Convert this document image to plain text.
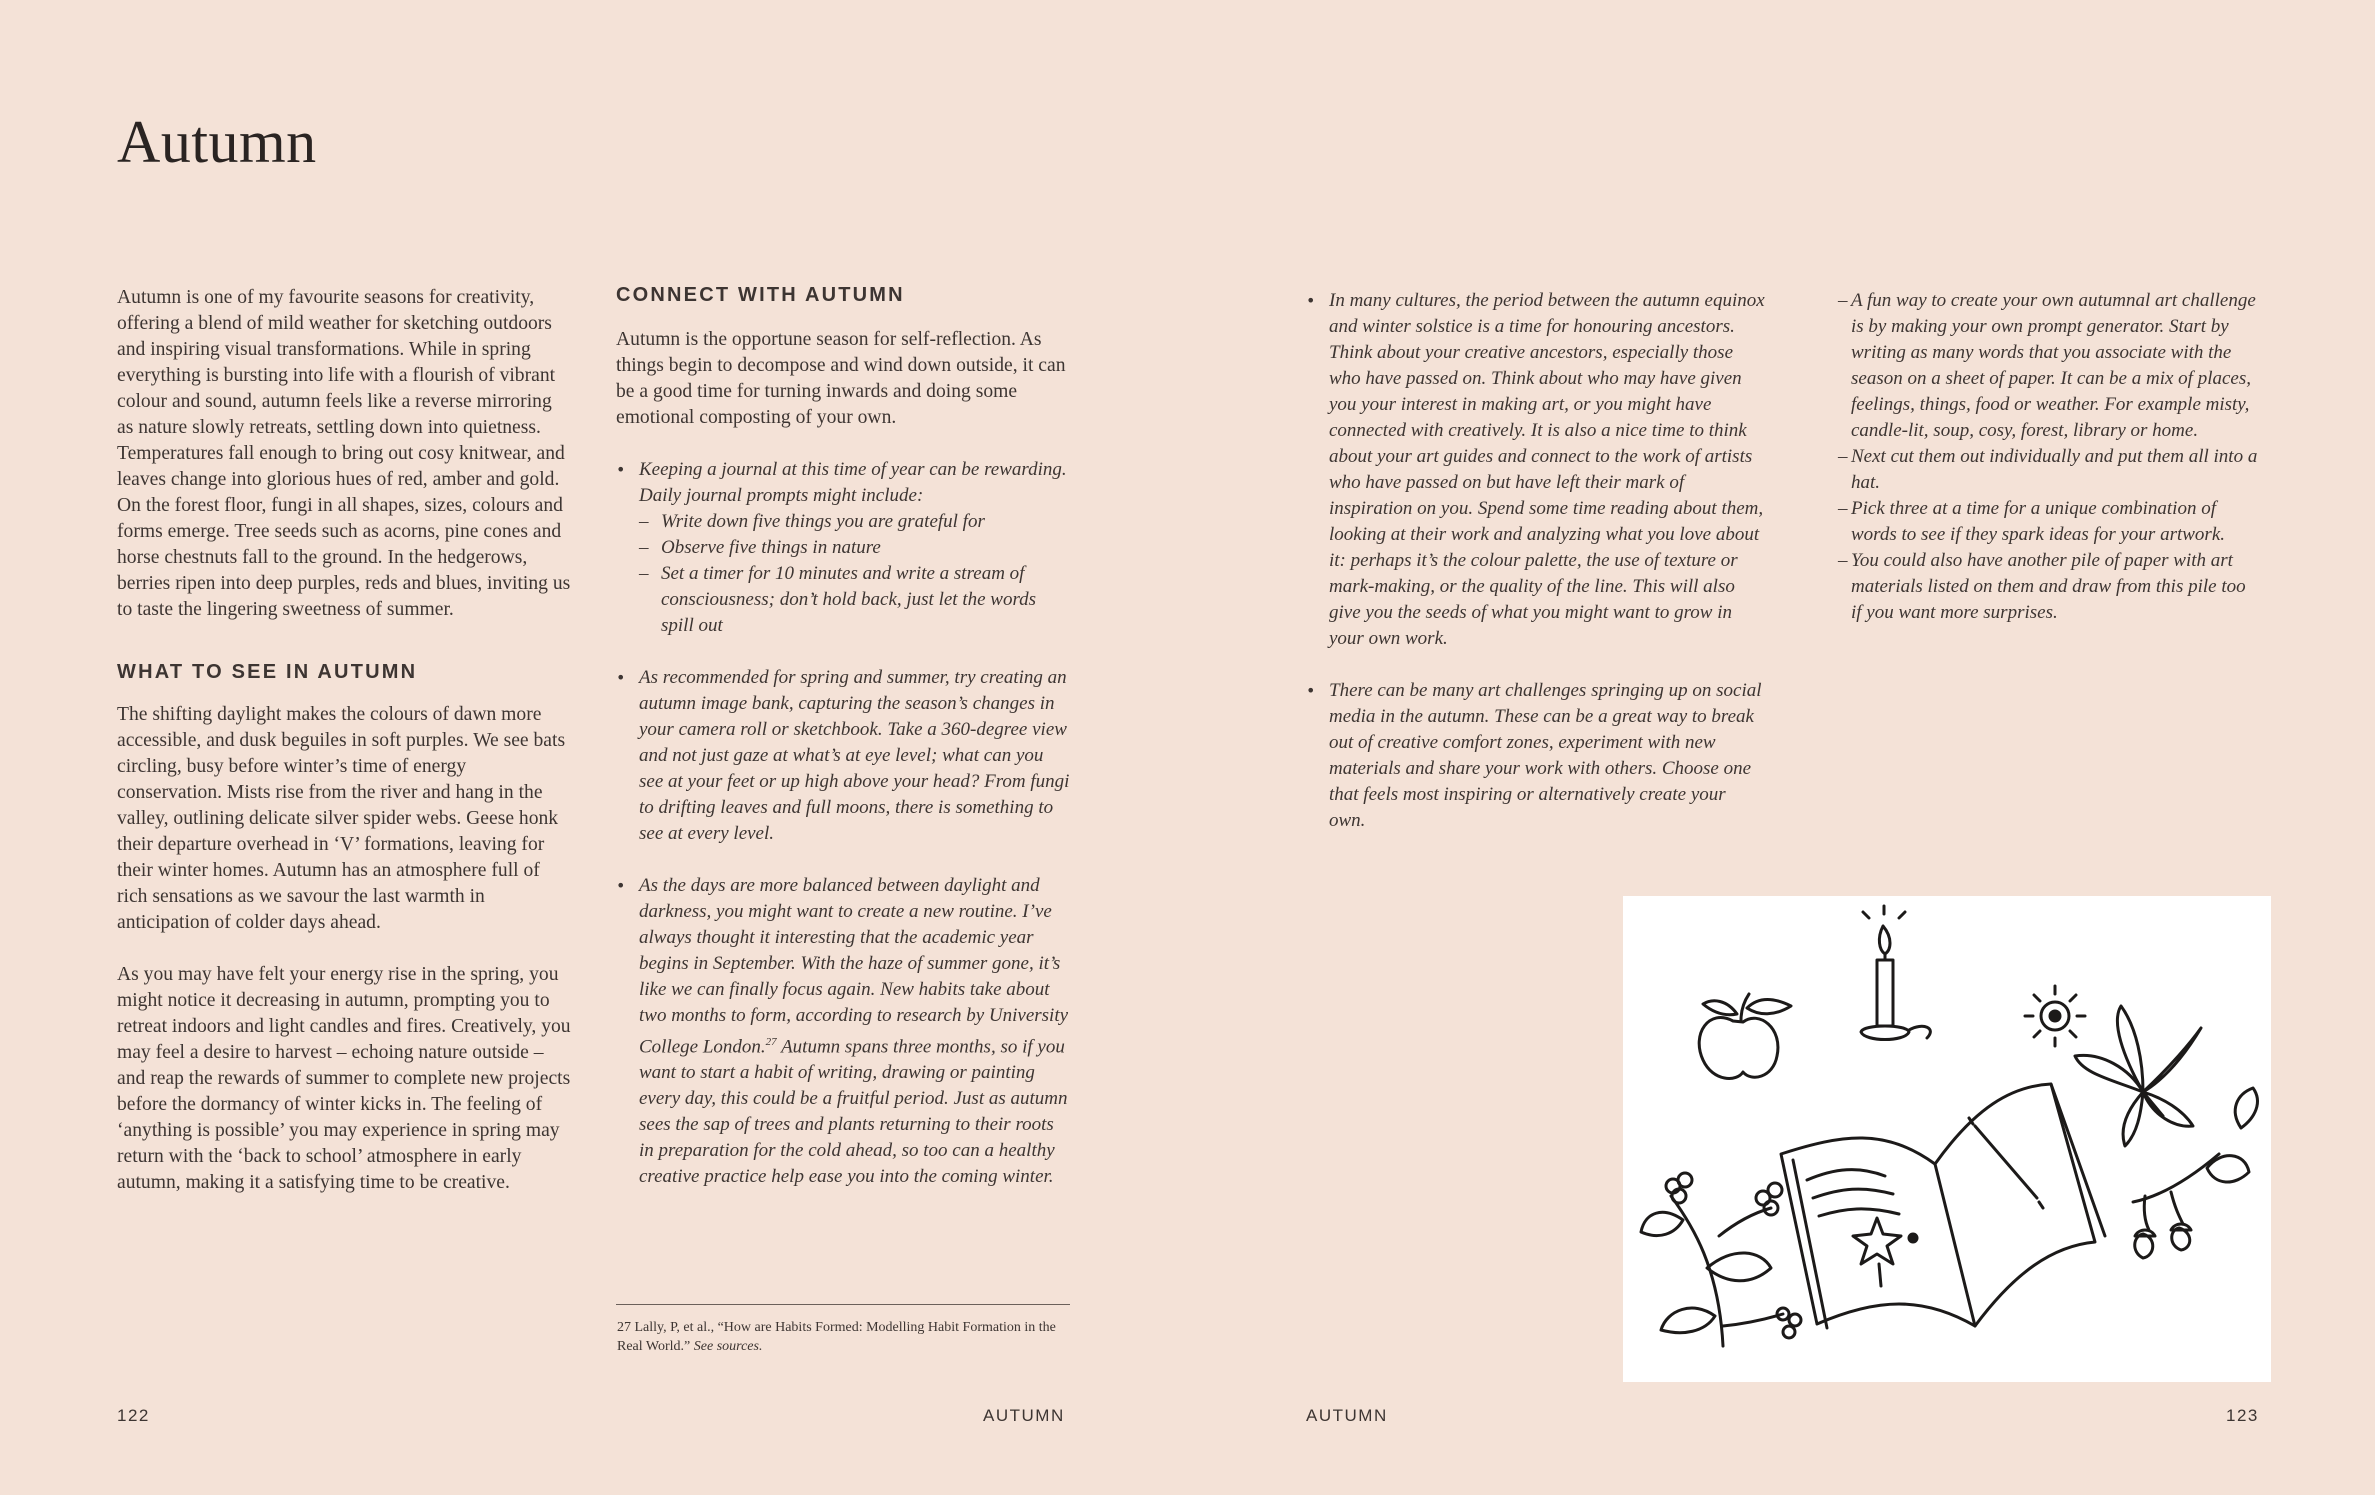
Autumn

Autumn is one of my favourite seasons for creativity, offering a blend of mild weather for sketching outdoors and inspiring visual transformations. While in spring everything is bursting into life with a flourish of vibrant colour and sound, autumn feels like a reverse mirroring as nature slowly retreats, settling down into quietness. Temperatures fall enough to bring out cosy knitwear, and leaves change into glorious hues of red, amber and gold. On the forest floor, fungi in all shapes, sizes, colours and forms emerge. Tree seeds such as acorns, pine cones and horse chestnuts fall to the ground. In the hedgerows, berries ripen into deep purples, reds and blues, inviting us to taste the lingering sweetness of summer.

WHAT TO SEE IN AUTUMN

The shifting daylight makes the colours of dawn more accessible, and dusk beguiles in soft purples. We see bats circling, busy before winter’s time of energy conservation. Mists rise from the river and hang in the valley, outlining delicate silver spider webs. Geese honk their departure overhead in ‘V’ formations, leaving for their winter homes. Autumn has an atmosphere full of rich sensations as we savour the last warmth in anticipation of colder days ahead.

As you may have felt your energy rise in the spring, you might notice it decreasing in autumn, prompting you to retreat indoors and light candles and fires. Creatively, you may feel a desire to harvest – echoing nature outside – and reap the rewards of summer to complete new projects before the dormancy of winter kicks in. The feeling of ‘anything is possible’ you may experience in spring may return with the ‘back to school’ atmosphere in early autumn, making it a satisfying time to be creative.

CONNECT WITH AUTUMN

Autumn is the opportune season for self-reflection. As things begin to decompose and wind down outside, it can be a good time for turning inwards and doing some emotional composting of your own.

• Keeping a journal at this time of year can be rewarding. Daily journal prompts might include:
– Write down five things you are grateful for
– Observe five things in nature
– Set a timer for 10 minutes and write a stream of consciousness; don’t hold back, just let the words spill out
• As recommended for spring and summer, try creating an autumn image bank, capturing the season’s changes in your camera roll or sketchbook. Take a 360-degree view and not just gaze at what’s at eye level; what can you see at your feet or up high above your head? From fungi to drifting leaves and full moons, there is something to see at every level.
• As the days are more balanced between daylight and darkness, you might want to create a new routine. I’ve always thought it interesting that the academic year begins in September. With the haze of summer gone, it’s like we can finally focus again. New habits take about two months to form, according to research by University College London.$^{27}$ Autumn spans three months, so if you want to start a habit of writing, drawing or painting every day, this could be a fruitful period. Just as autumn sees the sap of trees and plants returning to their roots in preparation for the cold ahead, so too can a healthy creative practice help ease you into the coming winter.
27 Lally, P, et al., “How are Habits Formed: Modelling Habit Formation in the Real World.” See sources.
• In many cultures, the period between the autumn equinox and winter solstice is a time for honouring ancestors. Think about your creative ancestors, especially those who have passed on. Think about who may have given you your interest in making art, or you might have connected with creatively. It is also a nice time to think about your art guides and connect to the work of artists who have passed on but have left their mark of inspiration on you. Spend some time reading about them, looking at their work and analyzing what you love about it: perhaps it’s the colour palette, the use of texture or mark-making, or the quality of the line. This will also give you the seeds of what you might want to grow in your own work.
• There can be many art challenges springing up on social media in the autumn. These can be a great way to break out of creative comfort zones, experiment with new materials and share your work with others. Choose one that feels most inspiring or alternatively create your own.
– A fun way to create your own autumnal art challenge is by making your own prompt generator. Start by writing as many words that you associate with the season on a sheet of paper. It can be a mix of places, feelings, things, food or weather. For example misty, candle-lit, soup, cosy, forest, library or home.
– Next cut them out individually and put them all into a hat.
– Pick three at a time for a unique combination of words to see if they spark ideas for your artwork.
– You could also have another pile of paper with art materials listed on them and draw from this pile too if you want more surprises.
122	AUTUMN	AUTUMN	123
